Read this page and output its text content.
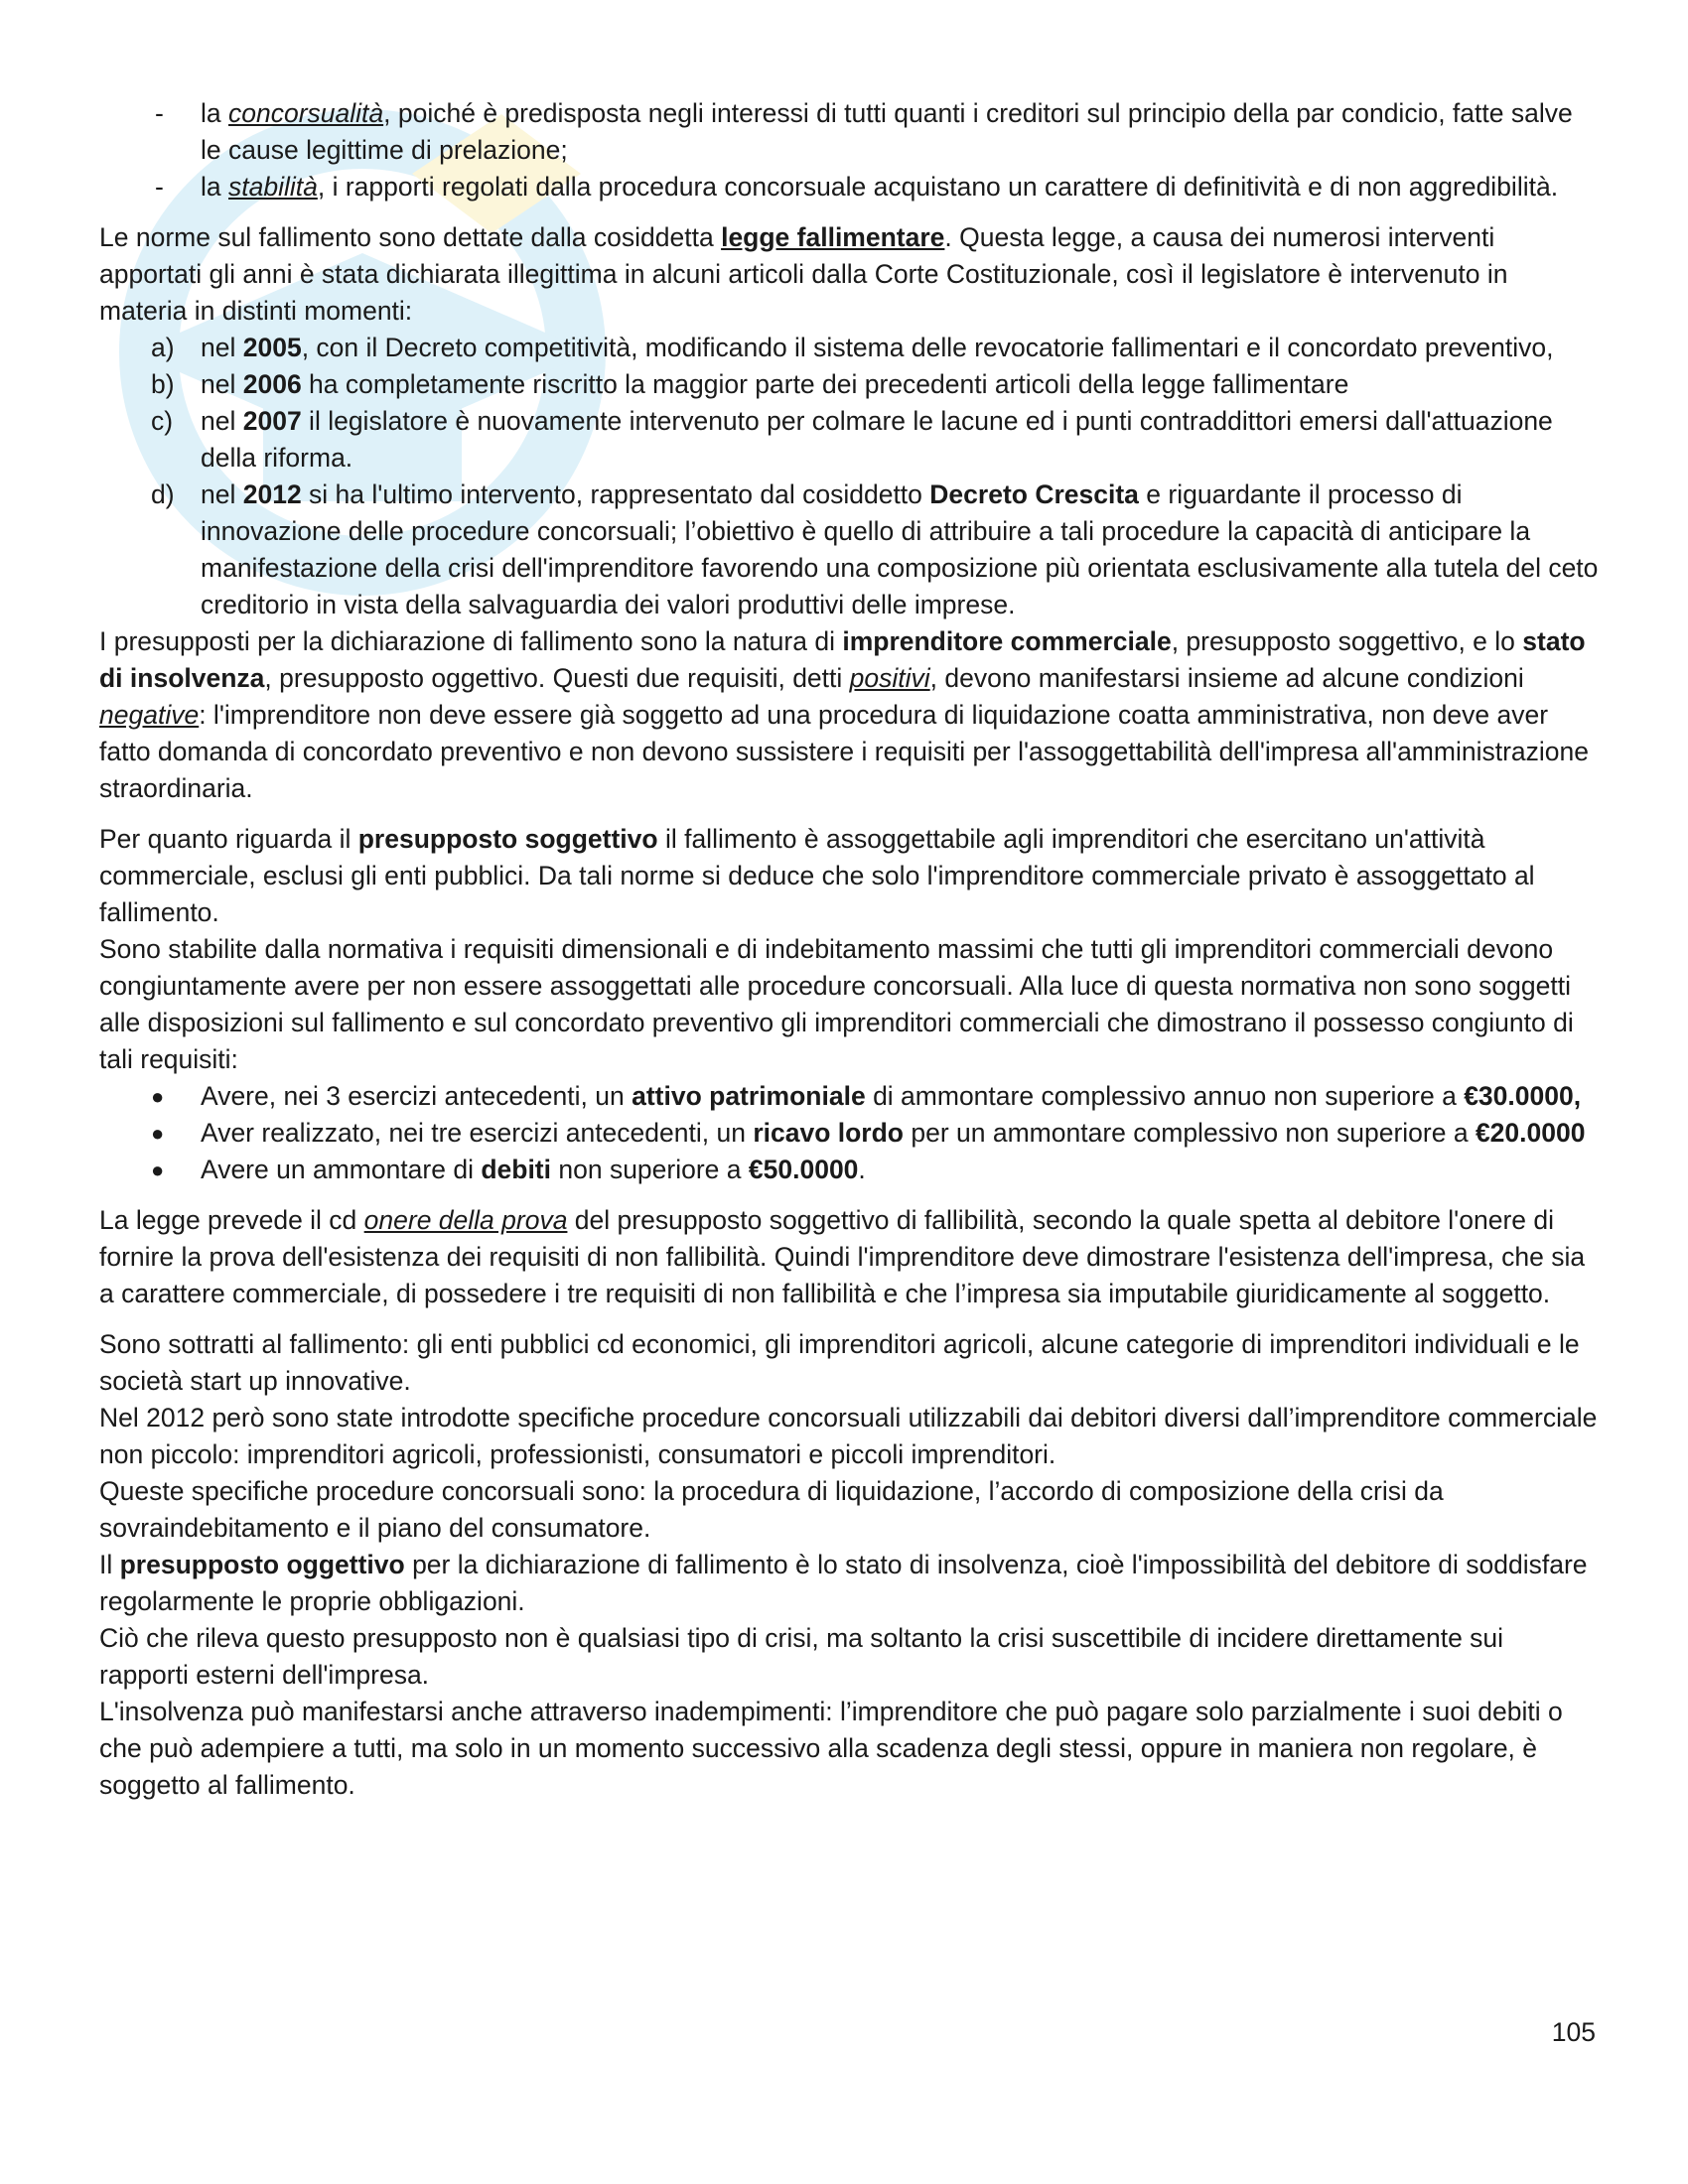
-	la concorsualità, poiché è predisposta negli interessi di tutti quanti i creditori sul principio della par condicio, fatte salve le cause legittime di prelazione;
-	la stabilità, i rapporti regolati dalla procedura concorsuale acquistano un carattere di definitività e di non aggredibilità.

Le norme sul fallimento sono dettate dalla cosiddetta legge fallimentare. Questa legge, a causa dei numerosi interventi apportati gli anni è stata dichiarata illegittima in alcuni articoli dalla Corte Costituzionale, così il legislatore è intervenuto in materia in distinti momenti:

a) nel 2005, con il Decreto competitività, modificando il sistema delle revocatorie fallimentari e il concordato preventivo,
b) nel 2006 ha completamente riscritto la maggior parte dei precedenti articoli della legge fallimentare
c)	nel 2007 il legislatore è nuovamente intervenuto per colmare le lacune ed i punti contraddittori emersi dall'attuazione della riforma.
d) nel 2012 si ha l'ultimo intervento, rappresentato dal cosiddetto Decreto Crescita e riguardante il processo di innovazione delle procedure concorsuali; l’obiettivo è quello di attribuire a tali procedure la capacità di anticipare la manifestazione della crisi dell'imprenditore favorendo una composizione più orientata esclusivamente alla tutela del ceto creditorio in vista della salvaguardia dei valori produttivi delle imprese.

I presupposti per la dichiarazione di fallimento sono la natura di imprenditore commerciale, presupposto soggettivo, e lo stato di insolvenza, presupposto oggettivo. Questi due requisiti, detti positivi, devono manifestarsi insieme ad alcune condizioni negative: l'imprenditore non deve essere già soggetto ad una procedura di liquidazione coatta amministrativa, non deve aver fatto domanda di concordato preventivo e non devono sussistere i requisiti per l'assoggettabilità dell'impresa all'amministrazione straordinaria.

Per quanto riguarda il presupposto soggettivo il fallimento è assoggettabile agli imprenditori che esercitano un'attività commerciale, esclusi gli enti pubblici. Da tali norme si deduce che solo l'imprenditore commerciale privato è assoggettato al fallimento.

Sono stabilite dalla normativa i requisiti dimensionali e di indebitamento massimi che tutti gli imprenditori commerciali devono congiuntamente avere per non essere assoggettati alle procedure concorsuali. Alla luce di questa normativa non sono soggetti alle disposizioni sul fallimento e sul concordato preventivo gli imprenditori commerciali che dimostrano il possesso congiunto di tali requisiti:

●	Avere, nei 3 esercizi antecedenti, un attivo patrimoniale di ammontare complessivo annuo non superiore a €30.0000,
●	Aver realizzato, nei tre esercizi antecedenti, un ricavo lordo per un ammontare complessivo non superiore a €20.0000
●	Avere un ammontare di debiti non superiore a €50.0000.

La legge prevede il cd onere della prova del presupposto soggettivo di fallibilità, secondo la quale spetta al debitore l'onere di fornire la prova dell'esistenza dei requisiti di non fallibilità. Quindi l'imprenditore deve dimostrare l'esistenza dell'impresa, che sia a carattere commerciale, di possedere i tre requisiti di non fallibilità e che l’impresa sia imputabile giuridicamente al soggetto.

Sono sottratti al fallimento: gli enti pubblici cd economici, gli imprenditori agricoli, alcune categorie di imprenditori individuali e le società start up innovative.

Nel 2012 però sono state introdotte specifiche procedure concorsuali utilizzabili dai debitori diversi dall’imprenditore commerciale non piccolo: imprenditori agricoli, professionisti, consumatori e piccoli imprenditori.

Queste specifiche procedure concorsuali sono: la procedura di liquidazione, l’accordo di composizione della crisi da sovraindebitamento e il piano del consumatore.

Il presupposto oggettivo per la dichiarazione di fallimento è lo stato di insolvenza, cioè l'impossibilità del debitore di soddisfare regolarmente le proprie obbligazioni.

Ciò che rileva questo presupposto non è qualsiasi tipo di crisi, ma soltanto la crisi suscettibile di incidere direttamente sui rapporti esterni dell'impresa.

L'insolvenza può manifestarsi anche attraverso inadempimenti: l’imprenditore che può pagare solo parzialmente i suoi debiti o che può adempiere a tutti, ma solo in un momento successivo alla scadenza degli stessi, oppure in maniera non regolare, è soggetto al fallimento.

105
